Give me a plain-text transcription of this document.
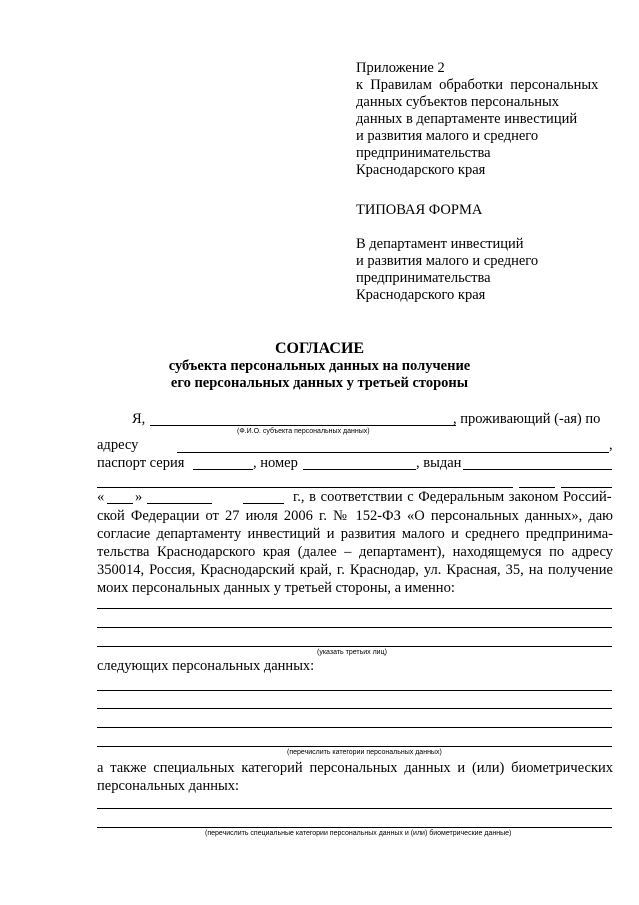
Приложение 2

к  Правилам  обработки  персональных

данных субъектов персональных

данных в департаменте инвестиций

и развития малого и среднего

предпринимательства

Краснодарского края

ТИПОВАЯ ФОРМА

В департамент инвестиций

и развития малого и среднего

предпринимательства

Краснодарского края

СОГЛАСИЕ
субъекта персональных данных на получение
его персональных данных у третьей стороны
Я,	, проживающий (-ая) по
(Ф.И.О. субъекта персональных данных)
адресу	,
паспорт серия	, номер	, выдан
« »	г., в соответствии с Федеральным законом Россий-

ской Федерации от 27 июля 2006 г. № 152-ФЗ «О персональных данных», даю

согласие департаменту инвестиций и развития малого и среднего предпринима-

тельства Краснодарского края (далее – департамент), находящемуся по адресу

350014, Россия, Краснодарский край, г. Краснодар, ул. Красная, 35, на получение

моих персональных данных у третьей стороны, а именно:

(указать третьих лиц)
следующих персональных данных:
(перечислить категории персональных данных)

а также специальных категорий персональных данных и (или) биометрических

персональных данных:

(перечислить специальные категории персональных данных и (или) биометрические данные)
